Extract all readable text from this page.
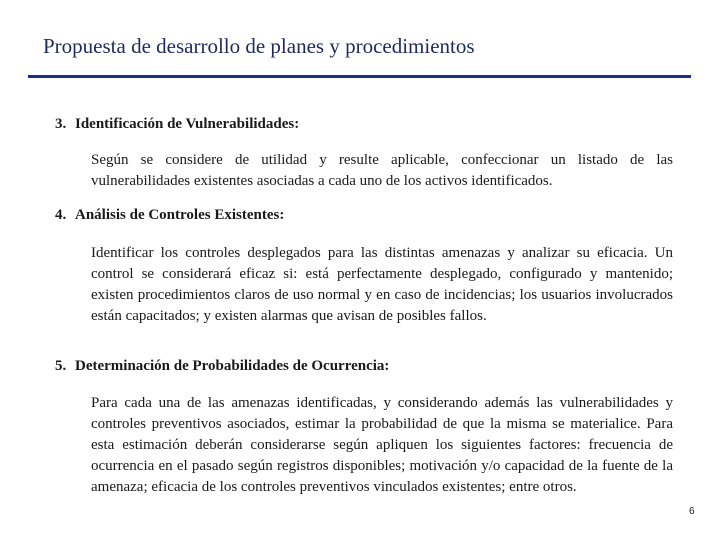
Propuesta de desarrollo de planes y procedimientos
3. Identificación de Vulnerabilidades:
Según se considere de utilidad y resulte aplicable, confeccionar un listado de las vulnerabilidades existentes asociadas a cada uno de los activos identificados.
4. Análisis de Controles Existentes:
Identificar los controles desplegados para las distintas amenazas y analizar su eficacia. Un control se considerará eficaz si: está perfectamente desplegado, configurado y mantenido; existen procedimientos claros de uso normal y en caso de incidencias; los usuarios involucrados están capacitados; y existen alarmas que avisan de posibles fallos.
5. Determinación de Probabilidades de Ocurrencia:
Para cada una de las amenazas identificadas, y considerando además las vulnerabilidades y controles preventivos asociados, estimar la probabilidad de que la misma se materialice. Para esta estimación deberán considerarse según apliquen los siguientes factores: frecuencia de ocurrencia en el pasado según registros disponibles; motivación y/o capacidad de la fuente de la amenaza; eficacia de los controles preventivos vinculados existentes; entre otros.
6
